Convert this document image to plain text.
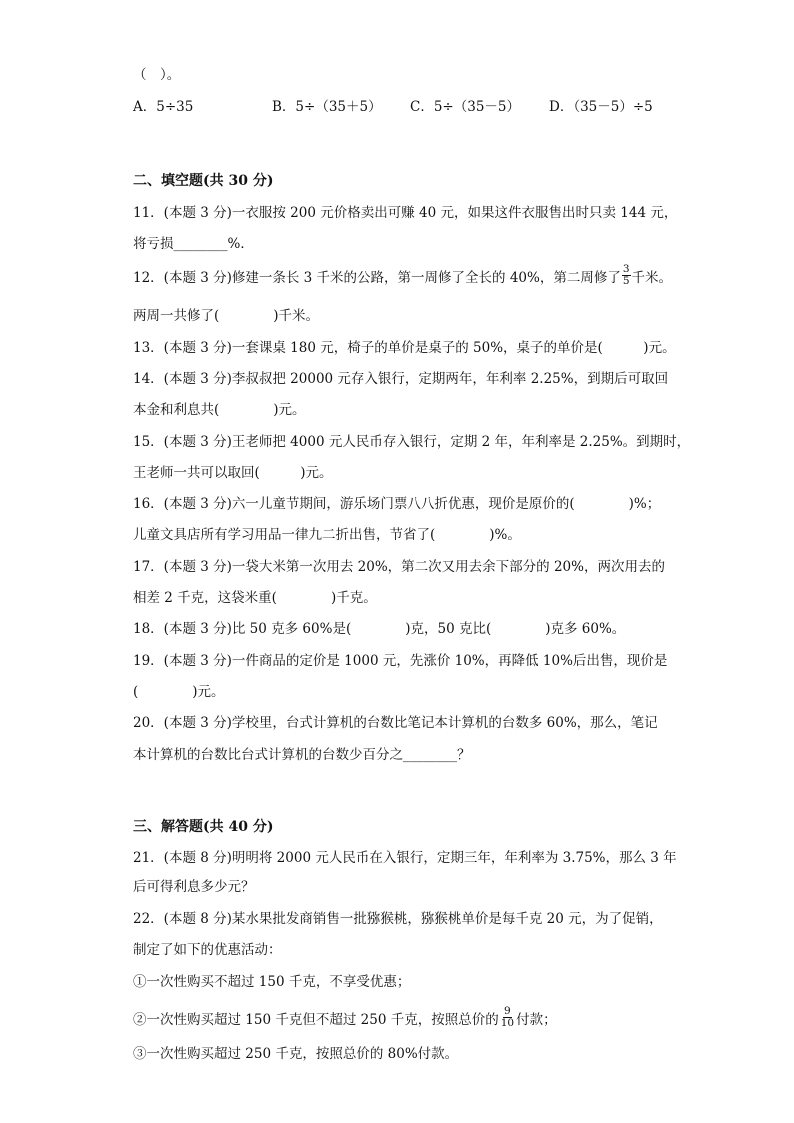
（　）。
A．5÷35	B．5÷（35＋5） C．5÷（35－5） D．（35－5）÷5
二、填空题(共 30 分)
11．(本题 3 分)一衣服按 200 元价格卖出可赚 40 元，如果这件衣服售出时只卖 144 元，
将亏损________%．
12．(本题 3 分)修建一条长 3 千米的公路，第一周修了全长的 40%，第二周修了 $\frac{3}{5}$ 千米。
两周一共修了(　　　　)千米。
13．(本题 3 分)一套课桌 180 元，椅子的单价是桌子的 50%，桌子的单价是(　　　)元。
14．(本题 3 分)李叔叔把 20000 元存入银行，定期两年，年利率 2.25%，到期后可取回
本金和利息共(　　　　)元。
15．(本题 3 分)王老师把 4000 元人民币存入银行，定期 2 年，年利率是 2.25%。到期时，
王老师一共可以取回(　　　)元。
16．(本题 3 分)六一儿童节期间，游乐场门票八八折优惠，现价是原价的(　　　　)%；
儿童文具店所有学习用品一律九二折出售，节省了(　　　　)%。
17．(本题 3 分)一袋大米第一次用去 20%，第二次又用去余下部分的 20%，两次用去的
相差 2 千克，这袋米重(　　　　)千克。
18．(本题 3 分)比 50 克多 60%是(　　　　)克，50 克比(　　　　)克多 60%。
19．(本题 3 分)一件商品的定价是 1000 元，先涨价 10%，再降低 10%后出售，现价是
(　　　　)元。
20．(本题 3 分)学校里，台式计算机的台数比笔记本计算机的台数多 60%，那么，笔记
本计算机的台数比台式计算机的台数少百分之________？
三、解答题(共 40 分)
21．(本题 8 分)明明将 2000 元人民币在入银行，定期三年，年利率为 3.75%，那么 3 年
后可得利息多少元？
22．(本题 8 分)某水果批发商销售一批猕猴桃，猕猴桃单价是每千克 20 元，为了促销，
制定了如下的优惠活动：
①一次性购买不超过 150 千克，不享受优惠；
②一次性购买超过 150 千克但不超过 250 千克，按照总价的 $\frac{9}{10}$ 付款；
③一次性购买超过 250 千克，按照总价的 80%付款。
